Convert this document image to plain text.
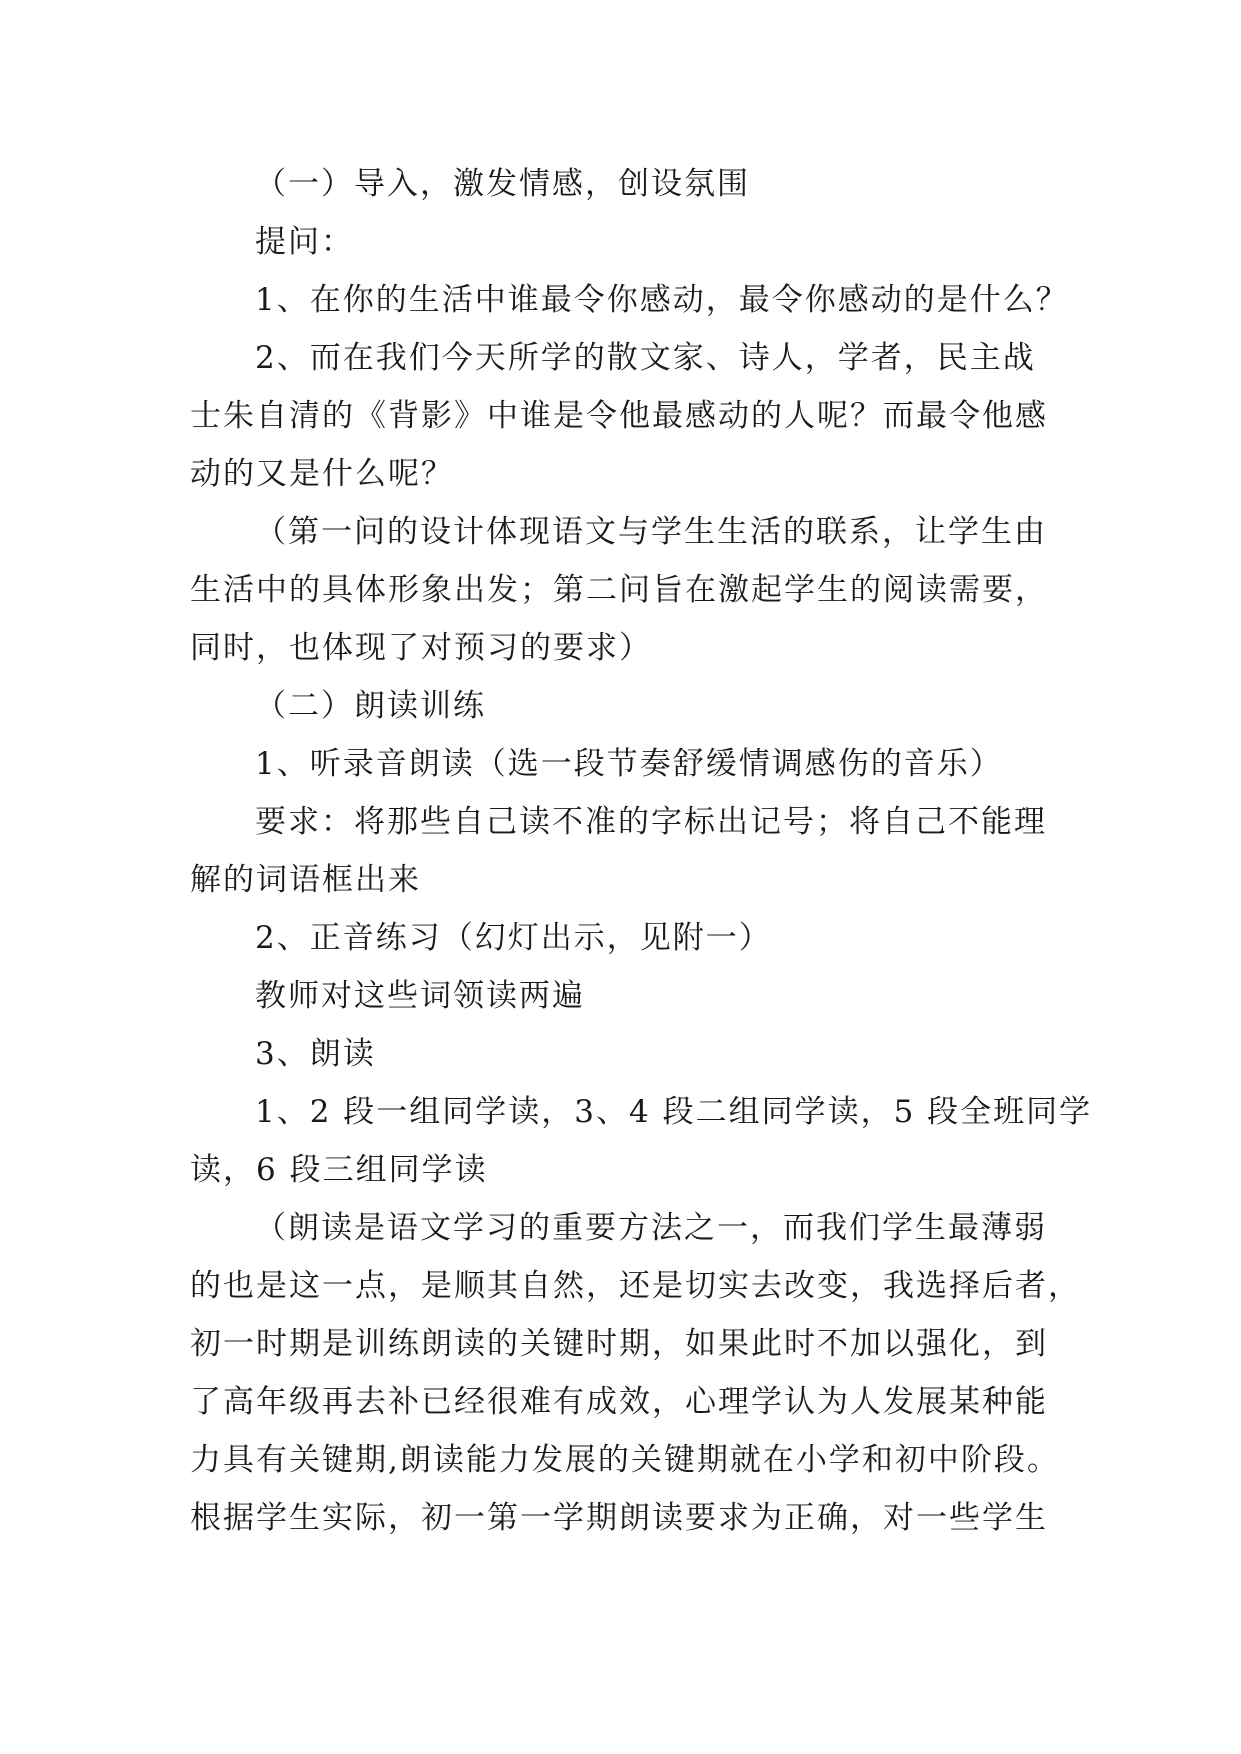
（一）导入，激发情感，创设氛围
提问：
1、在你的生活中谁最令你感动，最令你感动的是什么？
2、而在我们今天所学的散文家、诗人，学者，民主战
士朱自清的《背影》中谁是令他最感动的人呢？而最令他感
动的又是什么呢？
（第一问的设计体现语文与学生生活的联系，让学生由
生活中的具体形象出发；第二问旨在激起学生的阅读需要，
同时，也体现了对预习的要求）
（二）朗读训练
1、听录音朗读（选一段节奏舒缓情调感伤的音乐）
要求：将那些自己读不准的字标出记号；将自己不能理
解的词语框出来
2、正音练习（幻灯出示，见附一）
教师对这些词领读两遍
3、朗读
1、2 段一组同学读，3、4 段二组同学读，5 段全班同学
读，6 段三组同学读
（朗读是语文学习的重要方法之一，而我们学生最薄弱
的也是这一点，是顺其自然，还是切实去改变，我选择后者，
初一时期是训练朗读的关键时期，如果此时不加以强化，到
了高年级再去补已经很难有成效，心理学认为人发展某种能
力具有关键期,朗读能力发展的关键期就在小学和初中阶段。
根据学生实际，初一第一学期朗读要求为正确，对一些学生
